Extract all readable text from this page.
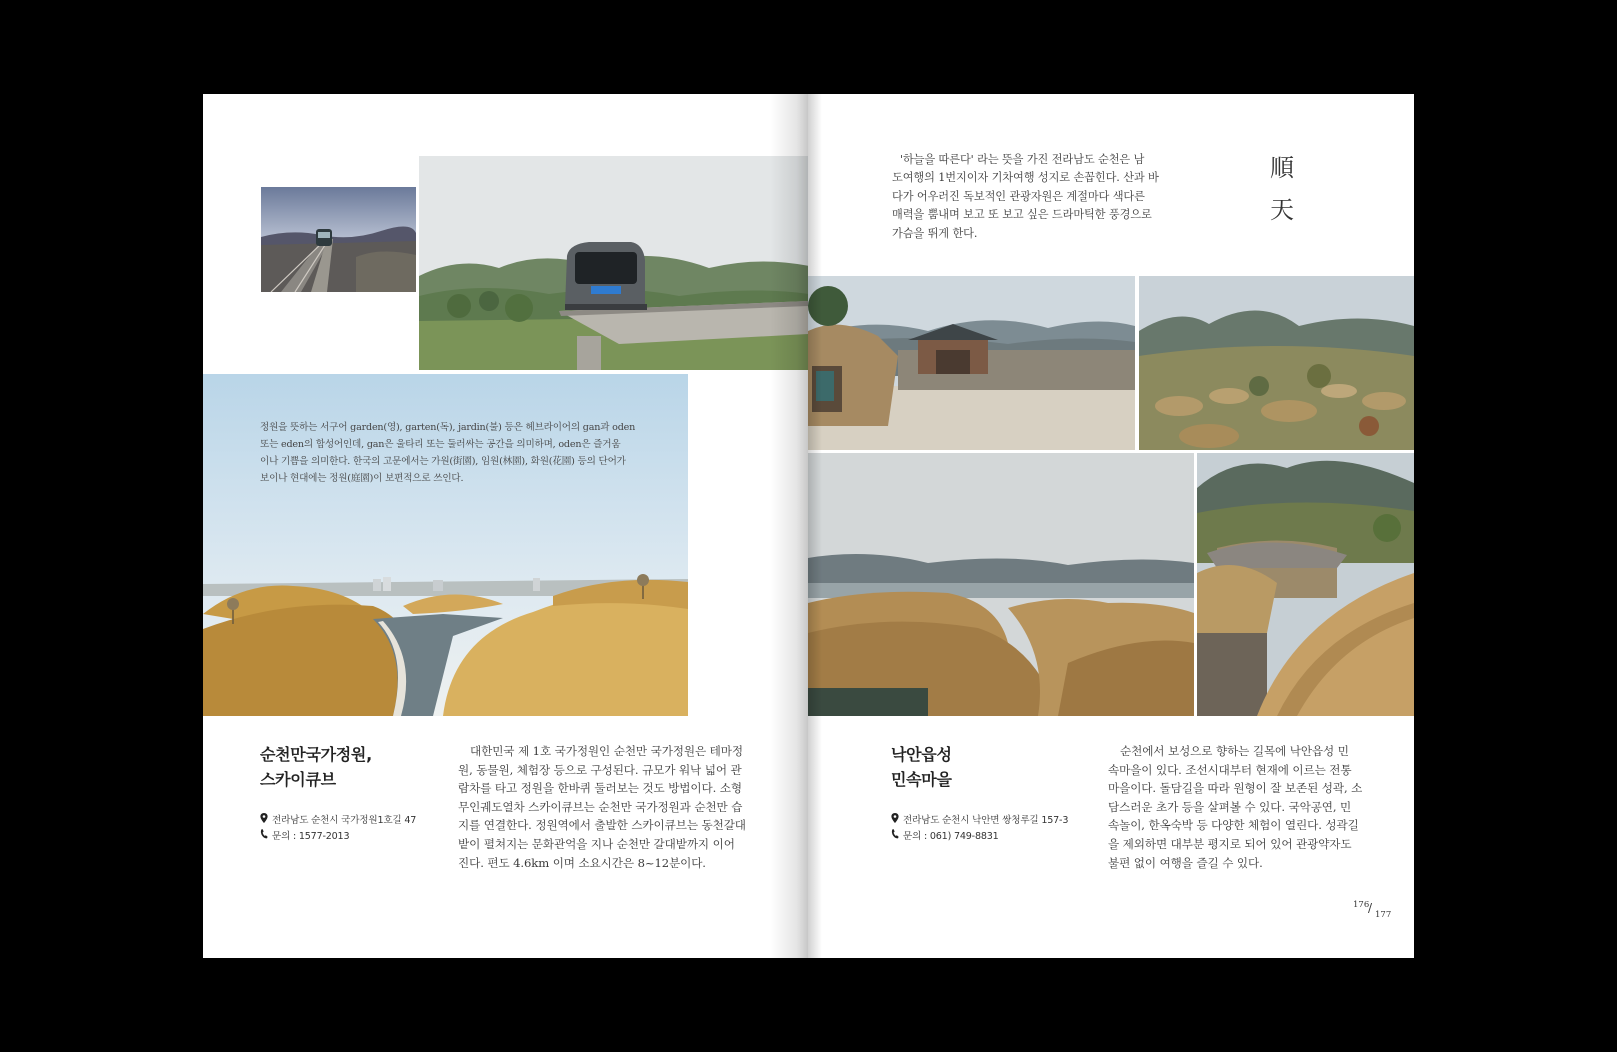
정원을 뜻하는 서구어 garden(영), garten(독), jardin(불) 등은 헤브라이어의 gan과 oden
또는 eden의 합성어인데, gan은 울타리 또는 둘러싸는 공간을 의미하며, oden은 즐거움
이나 기쁨을 의미한다. 한국의 고문에서는 가원(街園), 임원(林園), 화원(花園) 등의 단어가
보이나 현대에는 정원(庭園)이 보편적으로 쓰인다.
순천만국가정원,
스카이큐브
전라남도 순천시 국가정원1호길 47
문의 : 1577-2013
대한민국 제 1호 국가정원인 순천만 국가정원은 테마정
원, 동물원, 체험장 등으로 구성된다. 규모가 워낙 넓어 관
람차를 타고 정원을 한바퀴 둘러보는 것도 방법이다. 소형
무인궤도열차 스카이큐브는 순천만 국가정원과 순천만 습
지를 연결한다. 정원역에서 출발한 스카이큐브는 동천갈대
밭이 펼쳐지는 문화관억을 지나 순천만 갈대밭까지 이어
진다. 편도 4.6km 이며 소요시간은 8~12분이다.
'하늘을 따른다' 라는 뜻을 가진 전라남도 순천은 남
도여행의 1번지이자 기차여행 성지로 손꼽힌다. 산과 바
다가 어우러진 독보적인 관광자원은 계절마다 색다른
매력을 뿜내며 보고 또 보고 싶은 드라마틱한 풍경으로
가슴을 뛰게 한다.
順
天
낙안읍성
민속마을
전라남도 순천시 낙안면 쌍청루길 157-3
문의 : 061) 749-8831
순천에서 보성으로 향하는 길목에 낙안읍성 민
속마을이 있다. 조선시대부터 현재에 이르는 전통
마을이다. 돌담길을 따라 원형이 잘 보존된 성곽, 소
담스러운 초가 등을 살펴볼 수 있다. 국악공연, 민
속놀이, 한옥숙박 등 다양한 체험이 열린다. 성곽길
을 제외하면 대부분 평지로 되어 있어 관광약자도
불편 없이 여행을 즐길 수 있다.
176
/ 177
